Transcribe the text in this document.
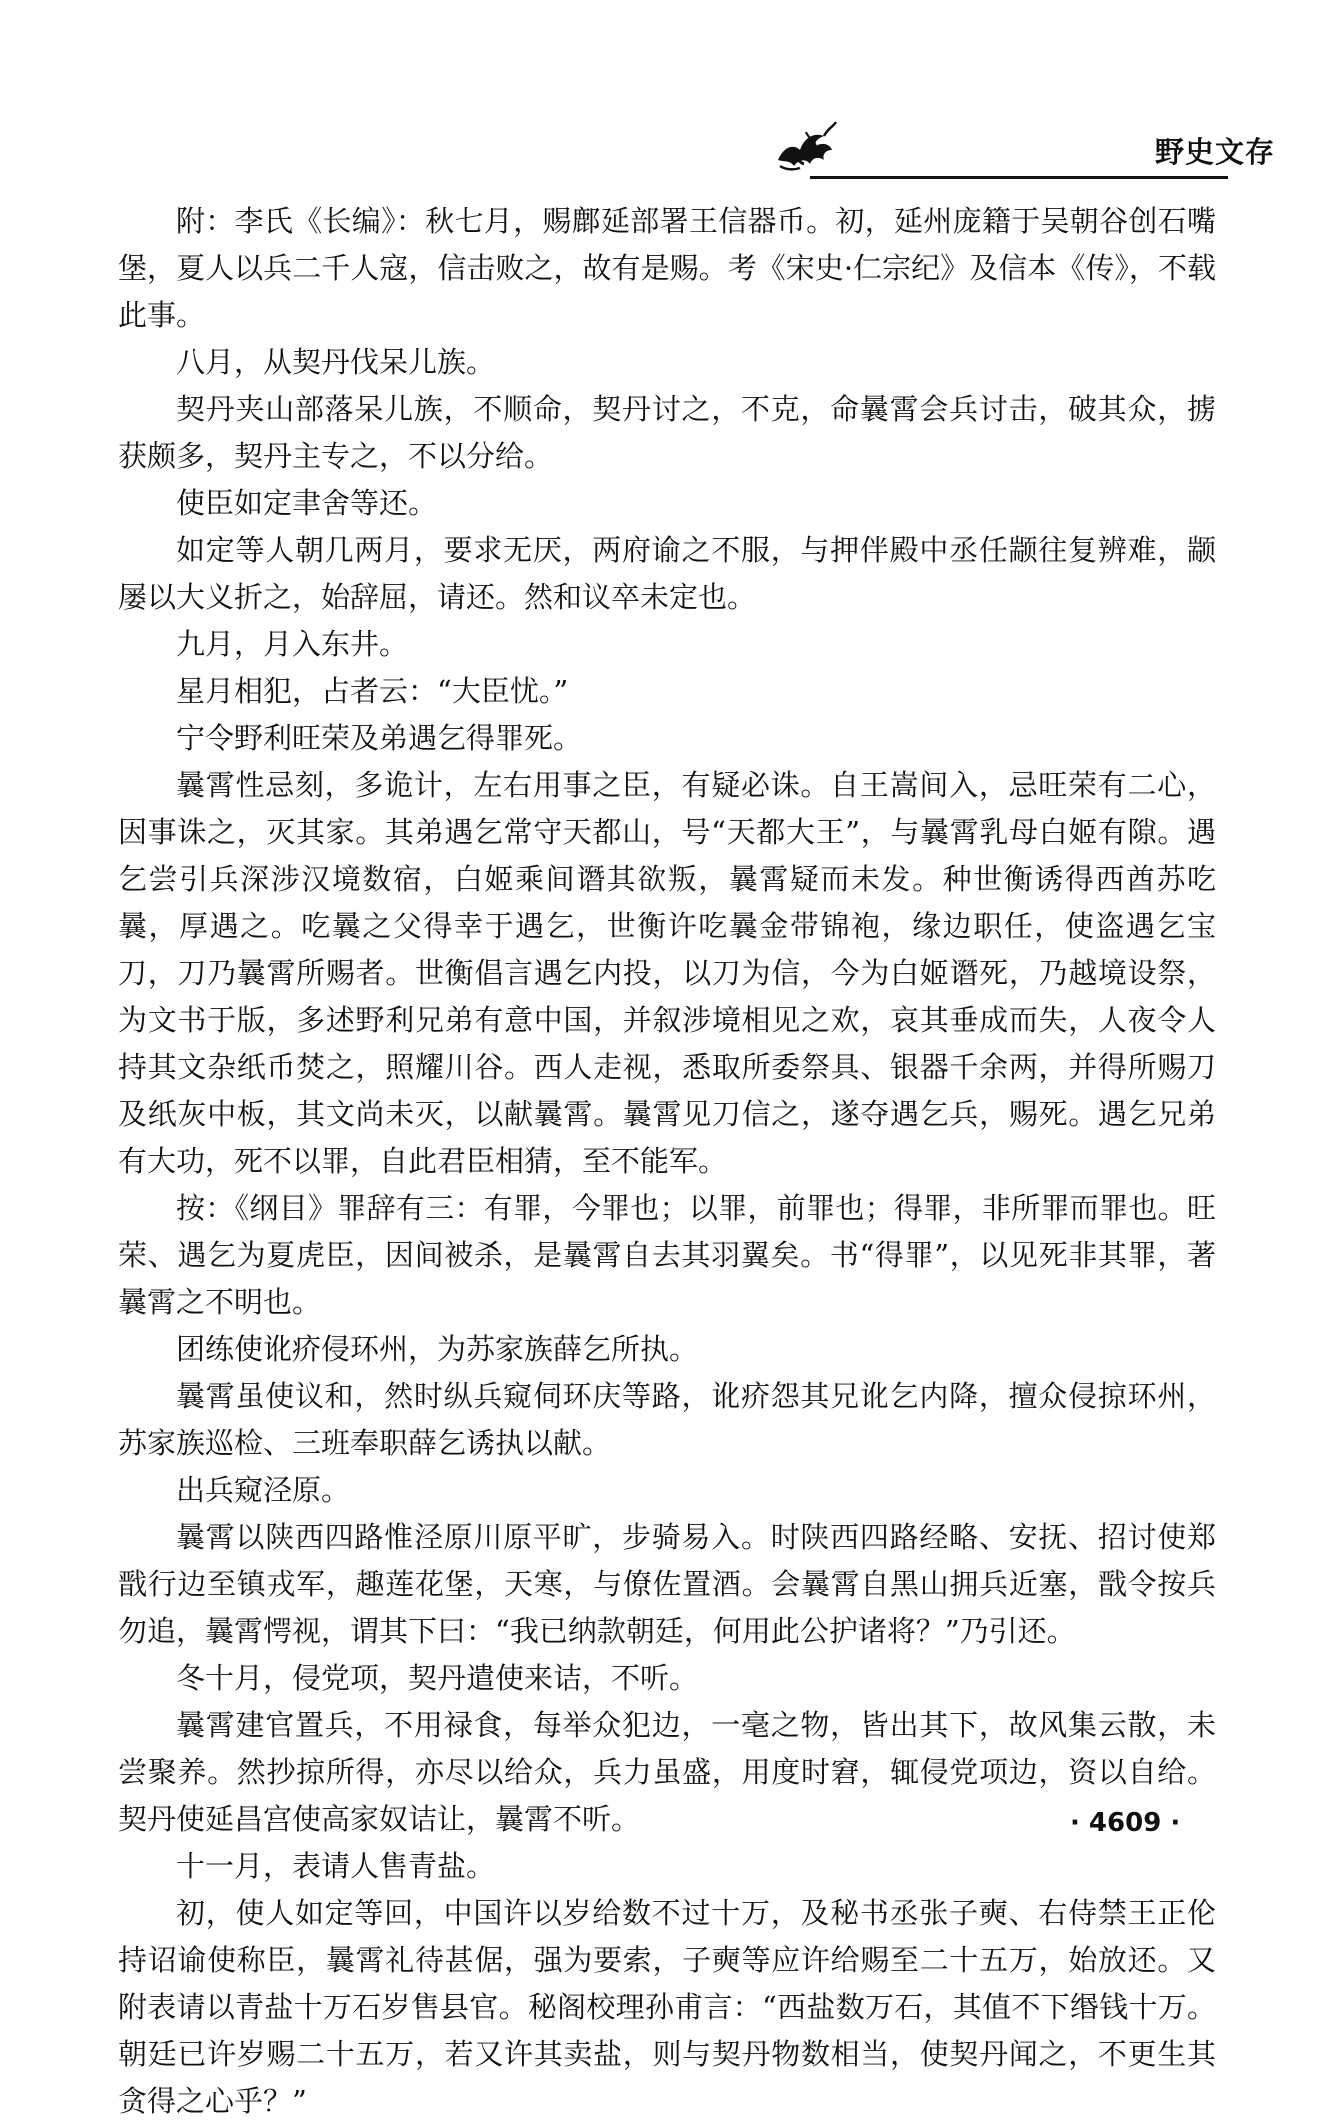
野史文存

附：李氏《长编》：秋七月，赐鄜延部署王信器币。初，延州庞籍于吴朝谷创石嘴堡，夏人以兵二千人寇，信击败之，故有是赐。考《宋史·仁宗纪》及信本《传》，不载此事。

八月，从契丹伐呆儿族。

契丹夹山部落呆儿族，不顺命，契丹讨之，不克，命曩霄会兵讨击，破其众，掳获颇多，契丹主专之，不以分给。

使臣如定聿舍等还。

如定等人朝几两月，要求无厌，两府谕之不服，与押伴殿中丞任颛往复辨难，颛屡以大义折之，始辞屈，请还。然和议卒未定也。

九月，月入东井。

星月相犯，占者云：“大臣忧。”

宁令野利旺荣及弟遇乞得罪死。

曩霄性忌刻，多诡计，左右用事之臣，有疑必诛。自王嵩间入，忌旺荣有二心，因事诛之，灭其家。其弟遇乞常守天都山，号“天都大王”，与曩霄乳母白姬有隙。遇乞尝引兵深涉汉境数宿，白姬乘间谮其欲叛，曩霄疑而未发。种世衡诱得西酋苏吃曩，厚遇之。吃曩之父得幸于遇乞，世衡许吃曩金带锦袍，缘边职任，使盗遇乞宝刀，刀乃曩霄所赐者。世衡倡言遇乞内投，以刀为信，今为白姬谮死，乃越境设祭，为文书于版，多述野利兄弟有意中国，并叙涉境相见之欢，哀其垂成而失，人夜令人持其文杂纸币焚之，照耀川谷。西人走视，悉取所委祭具、银器千余两，并得所赐刀及纸灰中板，其文尚未灭，以献曩霄。曩霄见刀信之，遂夺遇乞兵，赐死。遇乞兄弟有大功，死不以罪，自此君臣相猜，至不能军。

按：《纲目》罪辞有三：有罪，今罪也；以罪，前罪也；得罪，非所罪而罪也。旺荣、遇乞为夏虎臣，因间被杀，是曩霄自去其羽翼矣。书“得罪”，以见死非其罪，著曩霄之不明也。

团练使讹疥侵环州，为苏家族薛乞所执。

曩霄虽使议和，然时纵兵窥伺环庆等路，讹疥怨其兄讹乞内降，擅众侵掠环州，苏家族巡检、三班奉职薛乞诱执以献。

出兵窥泾原。

曩霄以陕西四路惟泾原川原平旷，步骑易入。时陕西四路经略、安抚、招讨使郑戬行边至镇戎军，趣莲花堡，天寒，与僚佐置酒。会曩霄自黑山拥兵近塞，戬令按兵勿追，曩霄愕视，谓其下曰：“我已纳款朝廷，何用此公护诸将？”乃引还。

冬十月，侵党项，契丹遣使来诘，不听。

曩霄建官置兵，不用禄食，每举众犯边，一毫之物，皆出其下，故风集云散，未尝聚养。然抄掠所得，亦尽以给众，兵力虽盛，用度时窘，辄侵党项边，资以自给。契丹使延昌宫使高家奴诘让，曩霄不听。

十一月，表请人售青盐。

初，使人如定等回，中国许以岁给数不过十万，及秘书丞张子奭、右侍禁王正伦持诏谕使称臣，曩霄礼待甚倨，强为要索，子奭等应许给赐至二十五万，始放还。又附表请以青盐十万石岁售县官。秘阁校理孙甫言：“西盐数万石，其值不下缗钱十万。朝廷已许岁赐二十五万，若又许其卖盐，则与契丹物数相当，使契丹闻之，不更生其贪得之心乎？”

· 4609 ·
